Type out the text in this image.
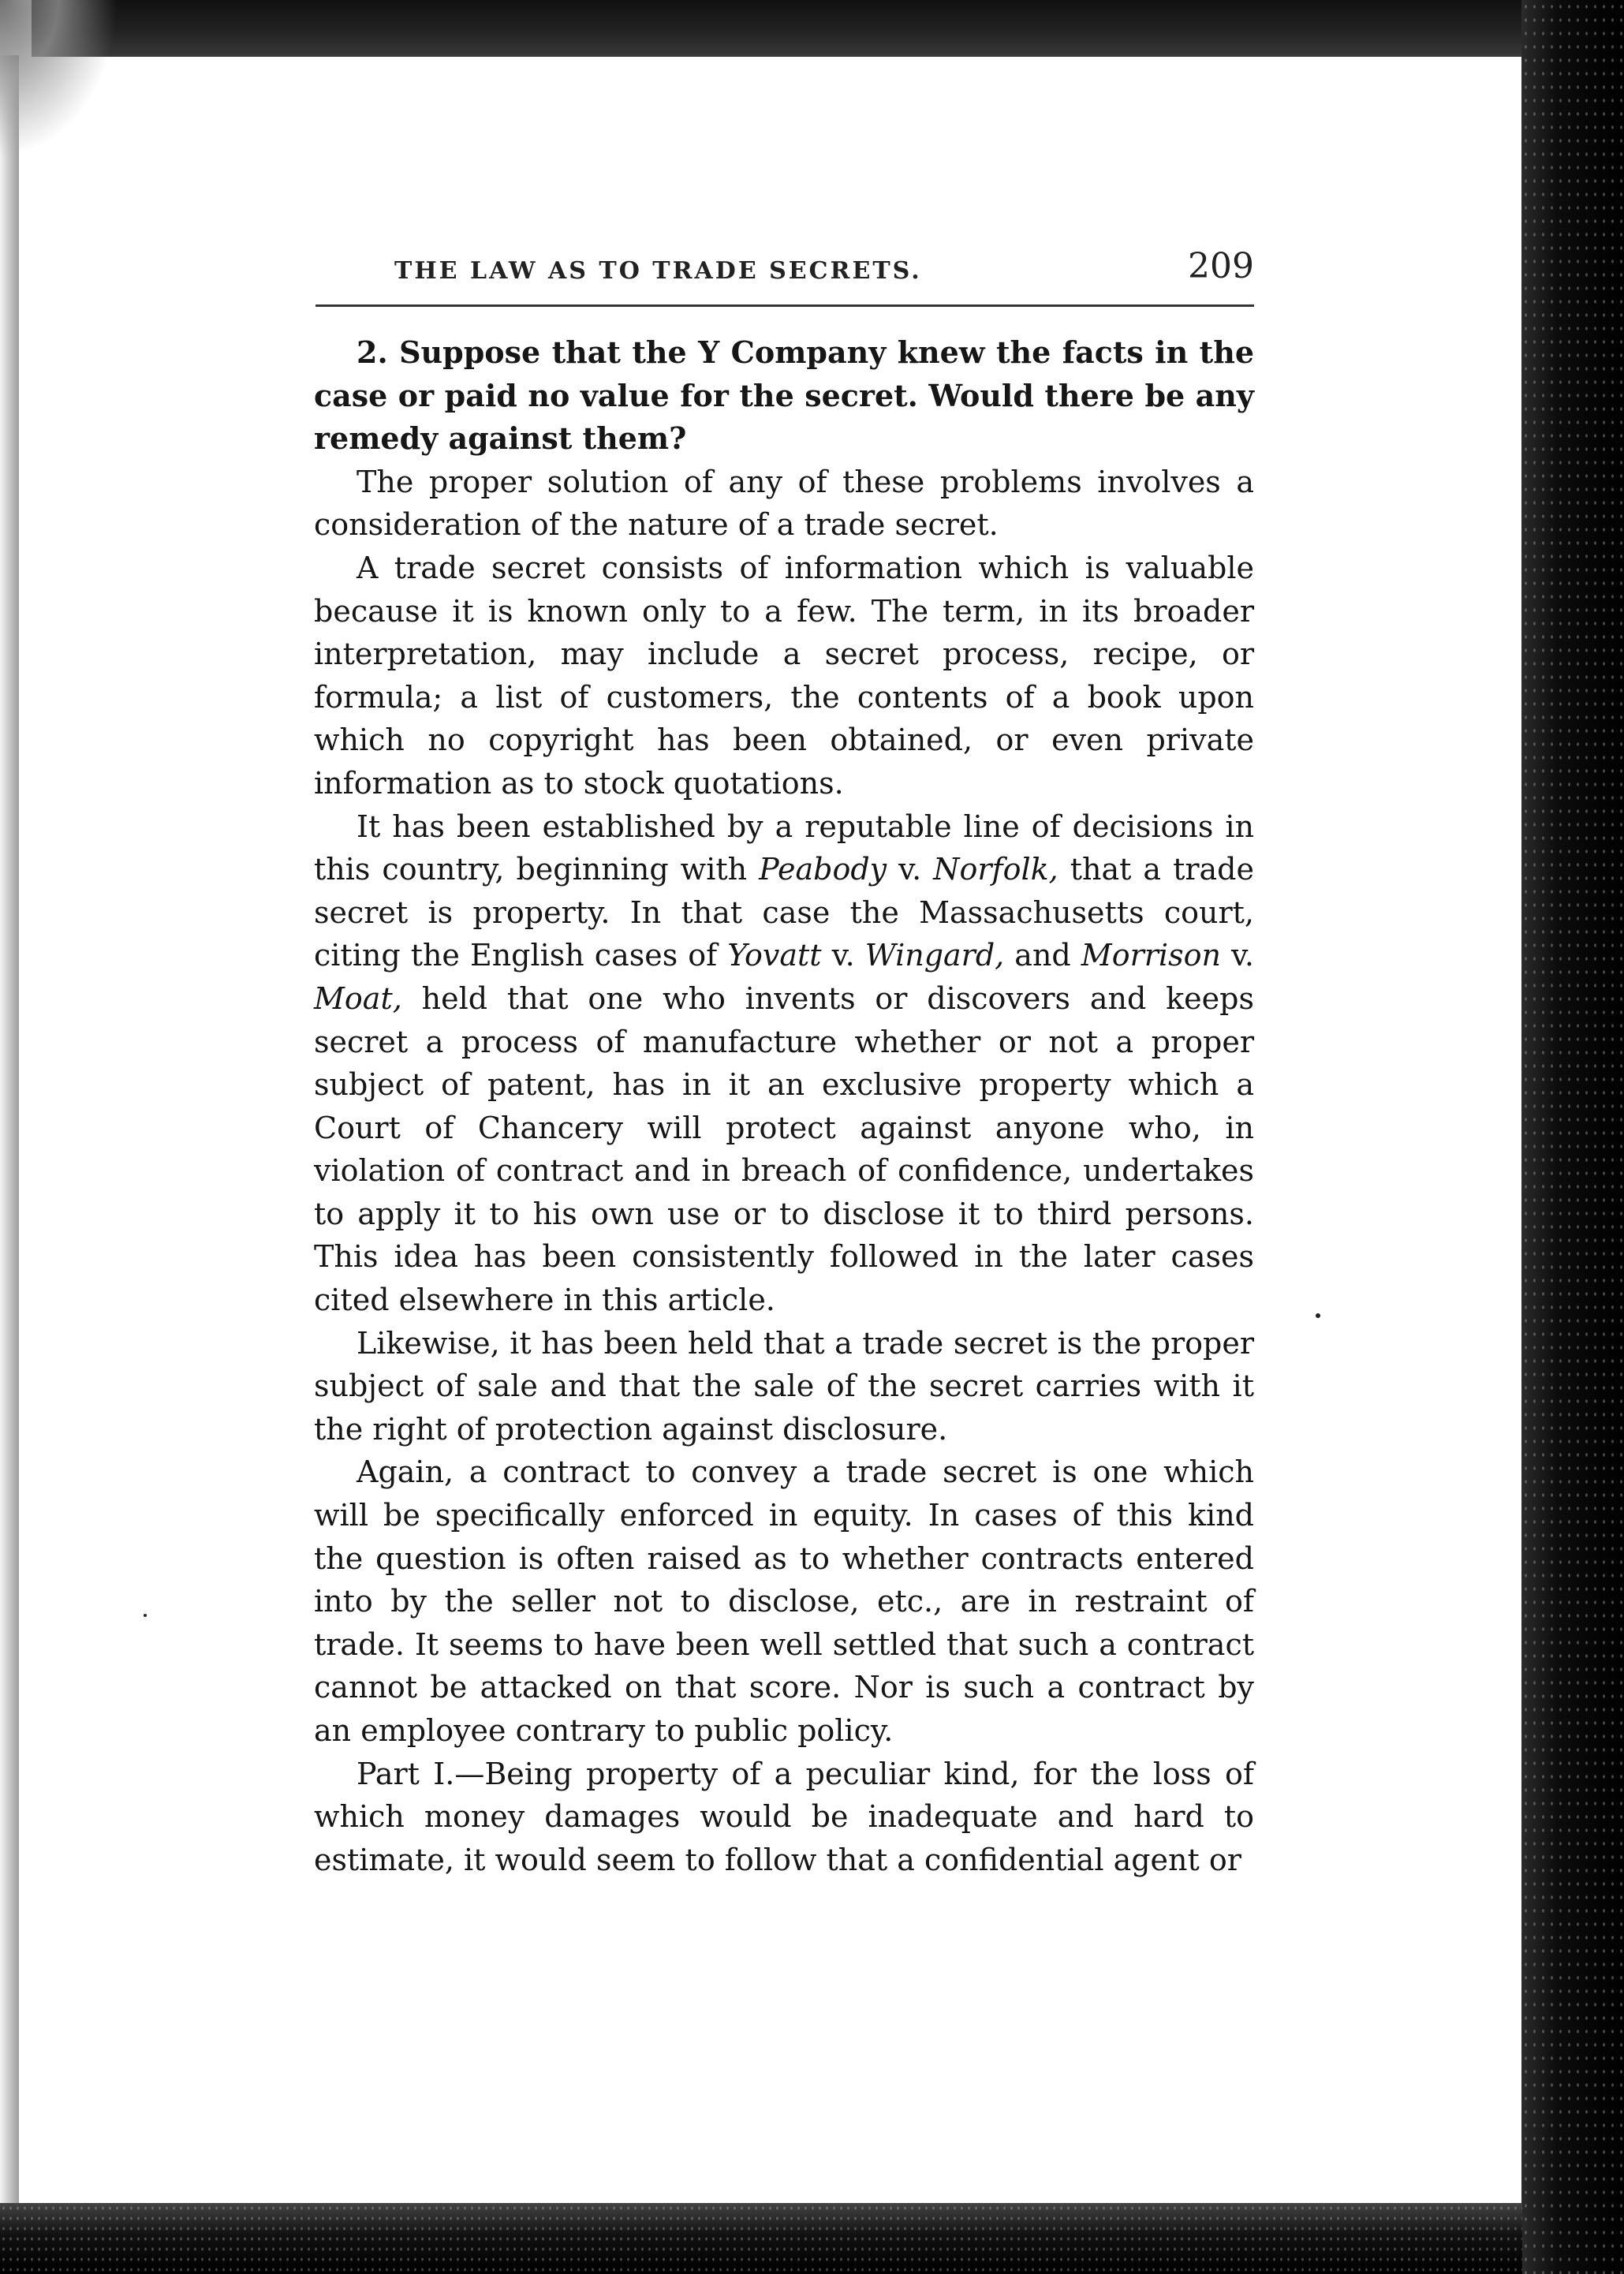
THE LAW AS TO TRADE SECRETS.	209

2. Suppose that the Y Company knew the facts in the case or paid no value for the secret. Would there be any remedy against them?

The proper solution of any of these problems involves a consideration of the nature of a trade secret.

A trade secret consists of information which is valuable because it is known only to a few. The term, in its broader interpretation, may include a secret process, recipe, or formula; a list of customers, the contents of a book upon which no copyright has been obtained, or even private information as to stock quotations.

It has been established by a reputable line of decisions in this country, beginning with Peabody v. Norfolk, that a trade secret is property. In that case the Massachusetts court, citing the English cases of Yovatt v. Wingard, and Morrison v. Moat, held that one who invents or discovers and keeps secret a process of manufacture whether or not a proper subject of patent, has in it an exclusive property which a Court of Chancery will protect against anyone who, in violation of contract and in breach of confidence, undertakes to apply it to his own use or to disclose it to third persons. This idea has been consistently followed in the later cases cited elsewhere in this article.

Likewise, it has been held that a trade secret is the proper subject of sale and that the sale of the secret carries with it the right of protection against disclosure.

Again, a contract to convey a trade secret is one which will be specifically enforced in equity. In cases of this kind the question is often raised as to whether contracts entered into by the seller not to disclose, etc., are in restraint of trade. It seems to have been well settled that such a contract cannot be attacked on that score. Nor is such a contract by an employee contrary to public policy.

Part I.—Being property of a peculiar kind, for the loss of which money damages would be inadequate and hard to estimate, it would seem to follow that a confidential agent or
